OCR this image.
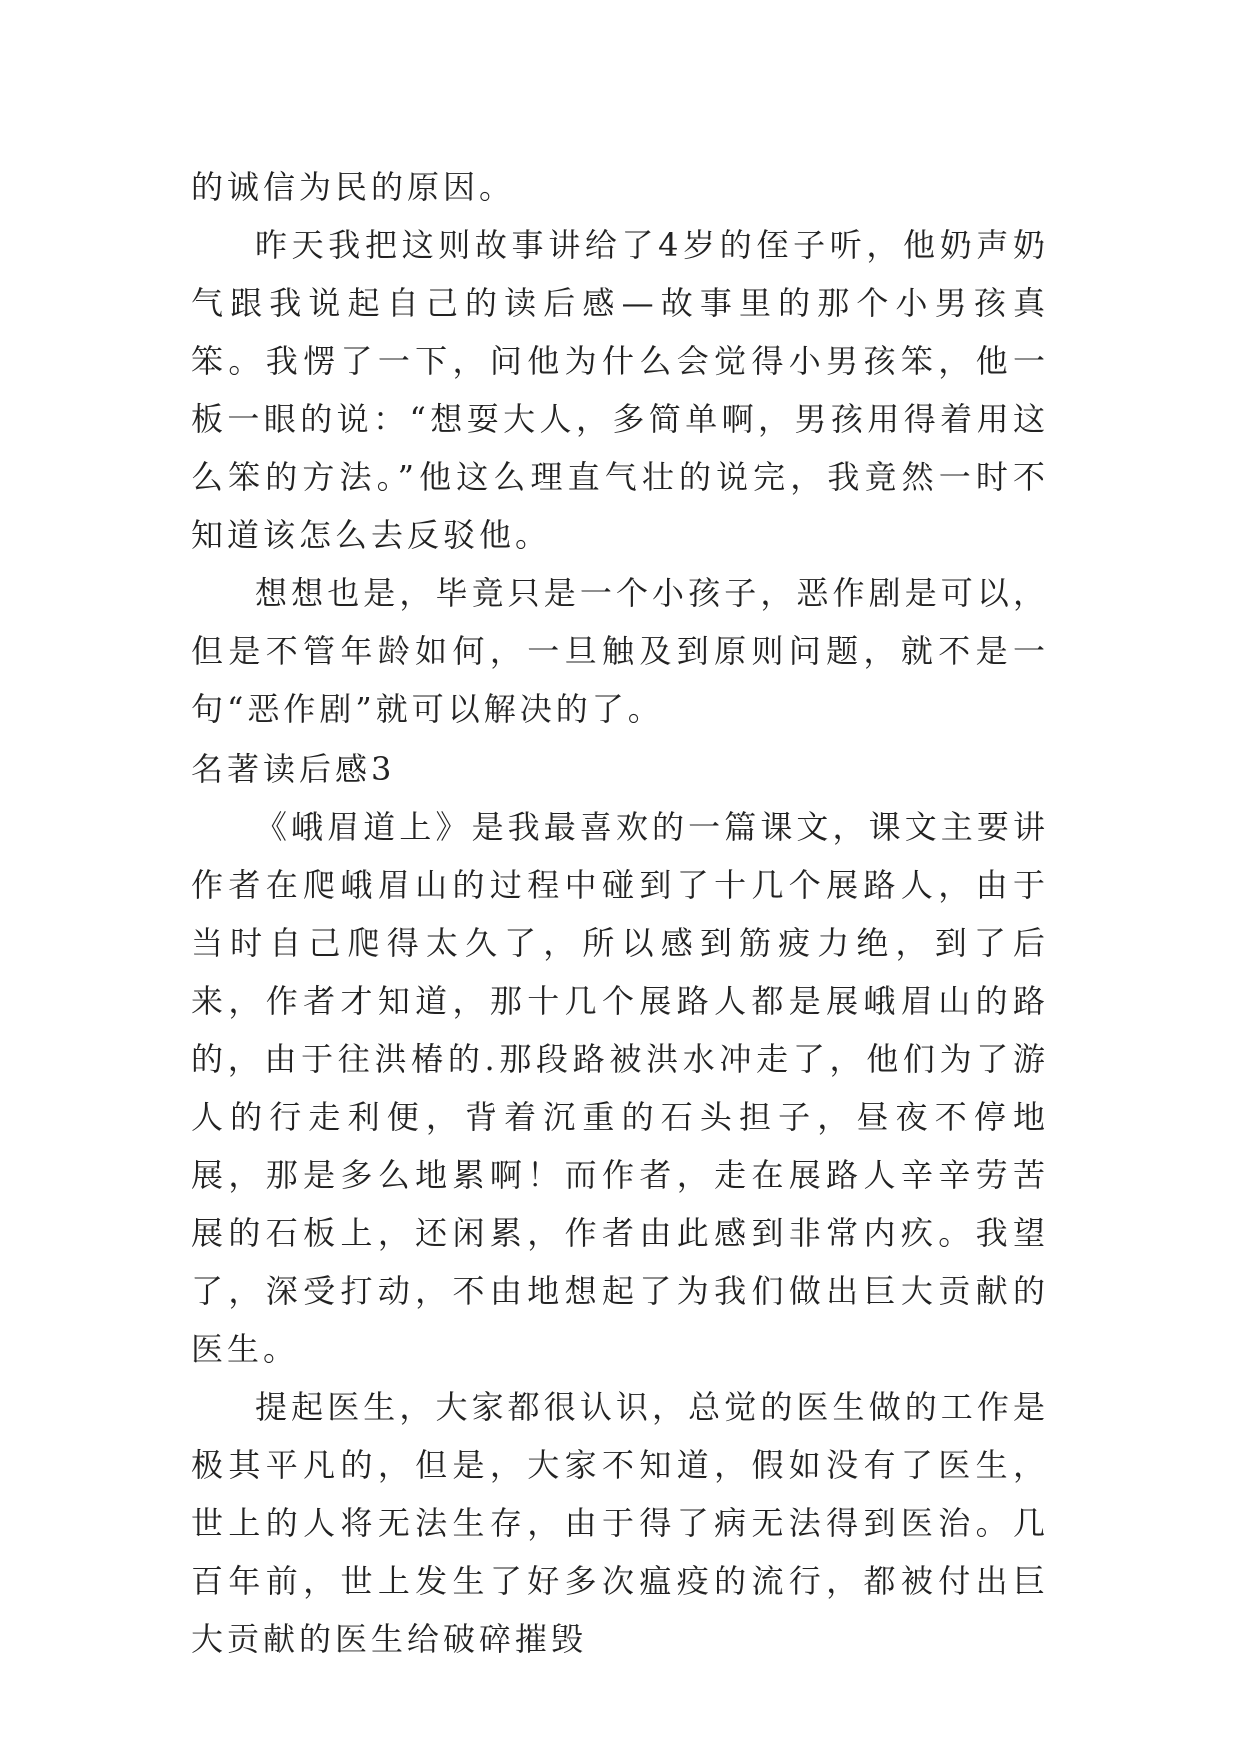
的诚信为民的原因。

昨天我把这则故事讲给了4岁的侄子听，他奶声奶气跟我说起自己的读后感—故事里的那个小男孩真笨。我愣了一下，问他为什么会觉得小男孩笨，他一板一眼的说：“想耍大人，多简单啊，男孩用得着用这么笨的方法。”他这么理直气壮的说完，我竟然一时不知道该怎么去反驳他。

想想也是，毕竟只是一个小孩子，恶作剧是可以，但是不管年龄如何，一旦触及到原则问题，就不是一句“恶作剧”就可以解决的了。

名著读后感3

《峨眉道上》是我最喜欢的一篇课文，课文主要讲作者在爬峨眉山的过程中碰到了十几个展路人，由于当时自己爬得太久了，所以感到筋疲力绝，到了后来，作者才知道，那十几个展路人都是展峨眉山的路的，由于往洪椿的.那段路被洪水冲走了，他们为了游人的行走利便，背着沉重的石头担子，昼夜不停地展，那是多么地累啊！而作者，走在展路人辛辛劳苦展的石板上，还闲累，作者由此感到非常内疚。我望了，深受打动，不由地想起了为我们做出巨大贡献的医生。

提起医生，大家都很认识，总觉的医生做的工作是极其平凡的，但是，大家不知道，假如没有了医生，世上的人将无法生存，由于得了病无法得到医治。几百年前，世上发生了好多次瘟疫的流行，都被付出巨大贡献的医生给破碎摧毁
